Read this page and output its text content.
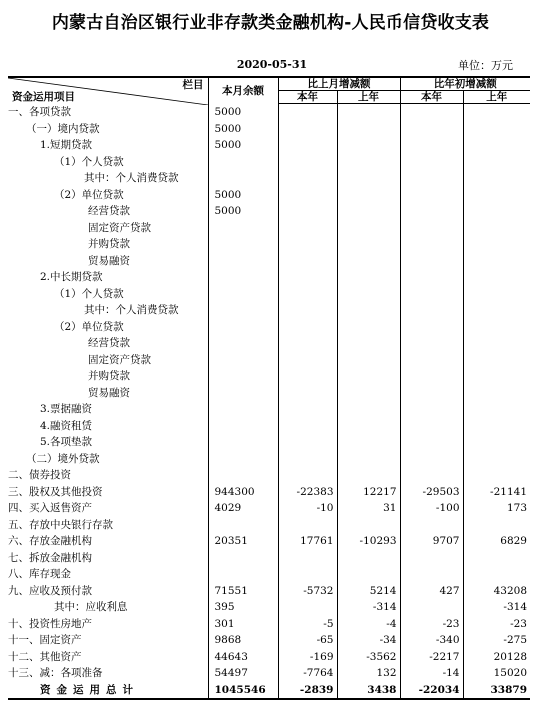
内蒙古自治区银行业非存款类金融机构-人民币信贷收支表
2020-05-31	单位：万元
栏目
资金运用项目	本月余额	比上月增减额		比年初增减额	
		本年	上年	本年	上年
一、各项贷款	5000				
（一）境内贷款	5000				
1.短期贷款	5000				
（1）个人贷款					
其中：个人消费贷款					
（2）单位贷款	5000				
经营贷款	5000				
固定资产贷款					
并购贷款					
贸易融资					
2.中长期贷款					
（1）个人贷款					
其中：个人消费贷款					
（2）单位贷款					
经营贷款					
固定资产贷款					
并购贷款					
贸易融资					
3.票据融资					
4.融资租赁					
5.各项垫款					
（二）境外贷款					
二、债券投资					
三、股权及其他投资	944300	-22383	12217	-29503	-21141
四、买入返售资产	4029	-10	31	-100	173
五、存放中央银行存款					
六、存放金融机构	20351	17761	-10293	9707	6829
七、拆放金融机构					
八、库存现金					
九、应收及预付款	71551	-5732	5214	427	43208
其中：应收利息	395		-314		-314
十、投资性房地产	301	-5	-4	-23	-23
十一、固定资产	9868	-65	-34	-340	-275
十二、其他资产	44643	-169	-3562	-2217	20128
十三、减：各项准备	54497	-7764	132	-14	15020
资金运用总计	1045546	-2839	3438	-22034	33879
